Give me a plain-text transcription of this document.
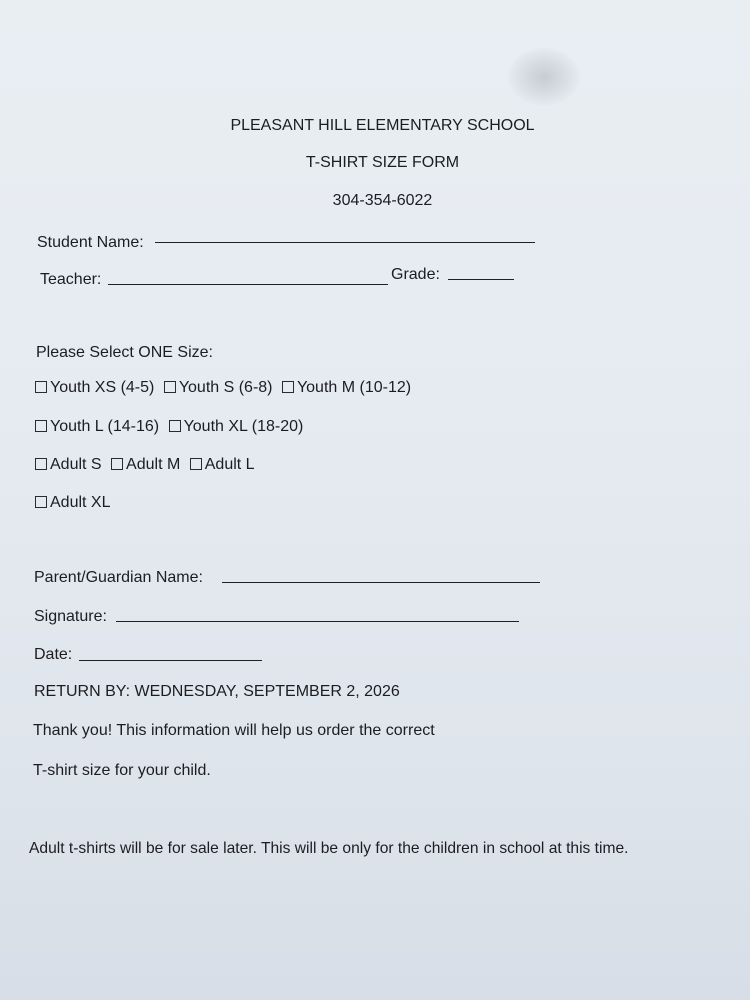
PLEASANT HILL ELEMENTARY SCHOOL
T-SHIRT SIZE FORM
304-354-6022
Student Name:
Teacher:	Grade:
Please Select ONE Size:
Youth XS (4-5) Youth S (6-8) Youth M (10-12)
Youth L (14-16) Youth XL (18-20)
Adult S Adult M Adult L
Adult XL
Parent/Guardian Name:
Signature:
Date:
RETURN BY: WEDNESDAY, SEPTEMBER 2, 2026
Thank you! This information will help us order the correct
T-shirt size for your child.
Adult t-shirts will be for sale later. This will be only for the children in school at this time.
